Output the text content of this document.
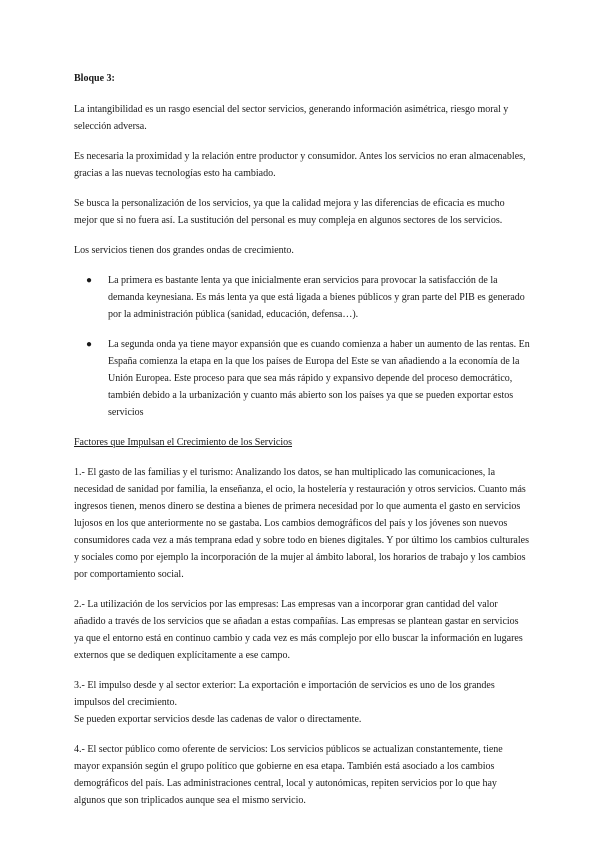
Bloque 3:

La intangibilidad es un rasgo esencial del sector servicios, generando información asimétrica, riesgo moral y selección adversa.

Es necesaria la proximidad y la relación entre productor y consumidor. Antes los servicios no eran almacenables, gracias a las nuevas tecnologías esto ha cambiado.

Se busca la personalización de los servicios, ya que la calidad mejora y las diferencias de eficacia es mucho mejor que si no fuera así. La sustitución del personal es muy compleja en algunos sectores de los servicios.

Los servicios tienen dos grandes ondas de crecimiento.

● La primera es bastante lenta ya que inicialmente eran servicios para provocar la satisfacción de la demanda keynesiana. Es más lenta ya que está ligada a bienes públicos y gran parte del PIB es generado por la administración pública (sanidad, educación, defensa…).
● La segunda onda ya tiene mayor expansión que es cuando comienza a haber un aumento de las rentas. En España comienza la etapa en la que los países de Europa del Este se van añadiendo a la economía de la Unión Europea. Este proceso para que sea más rápido y expansivo depende del proceso democrático, también debido a la urbanización y cuanto más abierto son los países ya que se pueden exportar estos servicios
Factores que Impulsan el Crecimiento de los Servicios

1.- El gasto de las familias y el turismo: Analizando los datos, se han multiplicado las comunicaciones, la necesidad de sanidad por familia, la enseñanza, el ocio, la hostelería y restauración y otros servicios. Cuanto más ingresos tienen, menos dinero se destina a bienes de primera necesidad por lo que aumenta el gasto en servicios lujosos en los que anteriormente no se gastaba. Los cambios demográficos del país y los jóvenes son nuevos consumidores cada vez a más temprana edad y sobre todo en bienes digitales. Y por último los cambios culturales y sociales como por ejemplo la incorporación de la mujer al ámbito laboral, los horarios de trabajo y los cambios por comportamiento social.

2.- La utilización de los servicios por las empresas: Las empresas van a incorporar gran cantidad del valor añadido a través de los servicios que se añadan a estas compañías. Las empresas se plantean gastar en servicios ya que el entorno está en continuo cambio y cada vez es más complejo por ello buscar la información en lugares externos que se dediquen explícitamente a ese campo.

3.- El impulso desde y al sector exterior: La exportación e importación de servicios es uno de los grandes impulsos del crecimiento.
Se pueden exportar servicios desde las cadenas de valor o directamente.

4.- El sector público como oferente de servicios: Los servicios públicos se actualizan constantemente, tiene mayor expansión según el grupo político que gobierne en esa etapa. También está asociado a los cambios demográficos del país. Las administraciones central, local y autonómicas, repiten servicios por lo que hay algunos que son triplicados aunque sea el mismo servicio.
